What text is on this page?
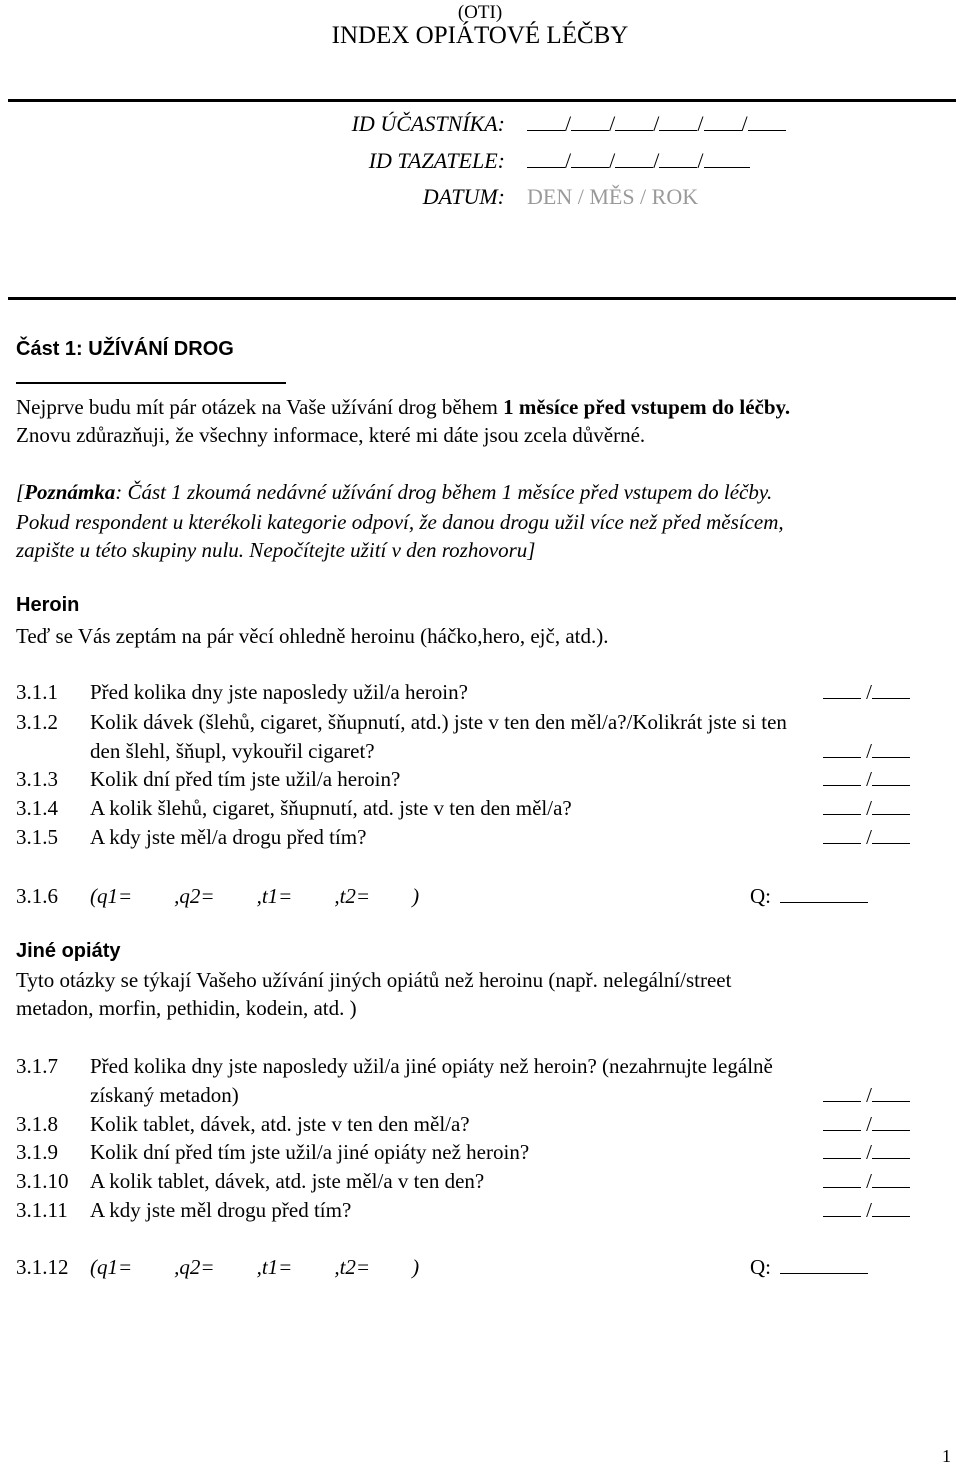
(OTI)
INDEX OPIÁTOVÉ LÉČBY
ID ÚČASTNÍKA:	/ / / / /
ID TAZATELE:	/ / / /
DATUM: DEN / MĚS / ROK
Část 1: UŽÍVÁNÍ DROG
Nejprve budu mít pár otázek na Vaše užívání drog během 1 měsíce před vstupem do léčby.
Znovu zdůrazňuji, že všechny informace, které mi dáte jsou zcela důvěrné.
[Poznámka: Část 1 zkoumá nedávné užívání drog během 1 měsíce před vstupem do léčby.
Pokud respondent u kterékoli kategorie odpoví, že danou drogu užil více než před měsícem,
zapište u této skupiny nulu. Nepočítejte užití v den rozhovoru]
Heroin
Teď se Vás zeptám na pár věcí ohledně heroinu (háčko,hero, ejč, atd.).
3.1.1 Před kolika dny jste naposledy užil/a heroin?	/
3.1.2 Kolik dávek (šlehů, cigaret, šňupnutí, atd.) jste v ten den měl/a?/Kolikrát jste si ten
den šlehl, šňupl, vykouřil cigaret?	/
3.1.3 Kolik dní před tím jste užil/a heroin?	/
3.1.4 A kolik šlehů, cigaret, šňupnutí, atd. jste v ten den měl/a?	/
3.1.5 A kdy jste měl/a drogu před tím?	/
3.1.6 (q1=        ,q2=        ,t1=        ,t2=        )	Q:
Jiné opiáty
Tyto otázky se týkají Vašeho užívání jiných opiátů než heroinu (např. nelegální/street
metadon, morfin, pethidin, kodein, atd. )
3.1.7 Před kolika dny jste naposledy užil/a jiné opiáty než heroin? (nezahrnujte legálně
získaný metadon)	/
3.1.8 Kolik tablet, dávek, atd. jste v ten den měl/a?	/
3.1.9 Kolik dní před tím jste užil/a jiné opiáty než heroin?	/
3.1.10 A kolik tablet, dávek, atd. jste měl/a v ten den?	/
3.1.11 A kdy jste měl drogu před tím?	/
3.1.12 (q1=        ,q2=        ,t1=        ,t2=        )	Q:
1
